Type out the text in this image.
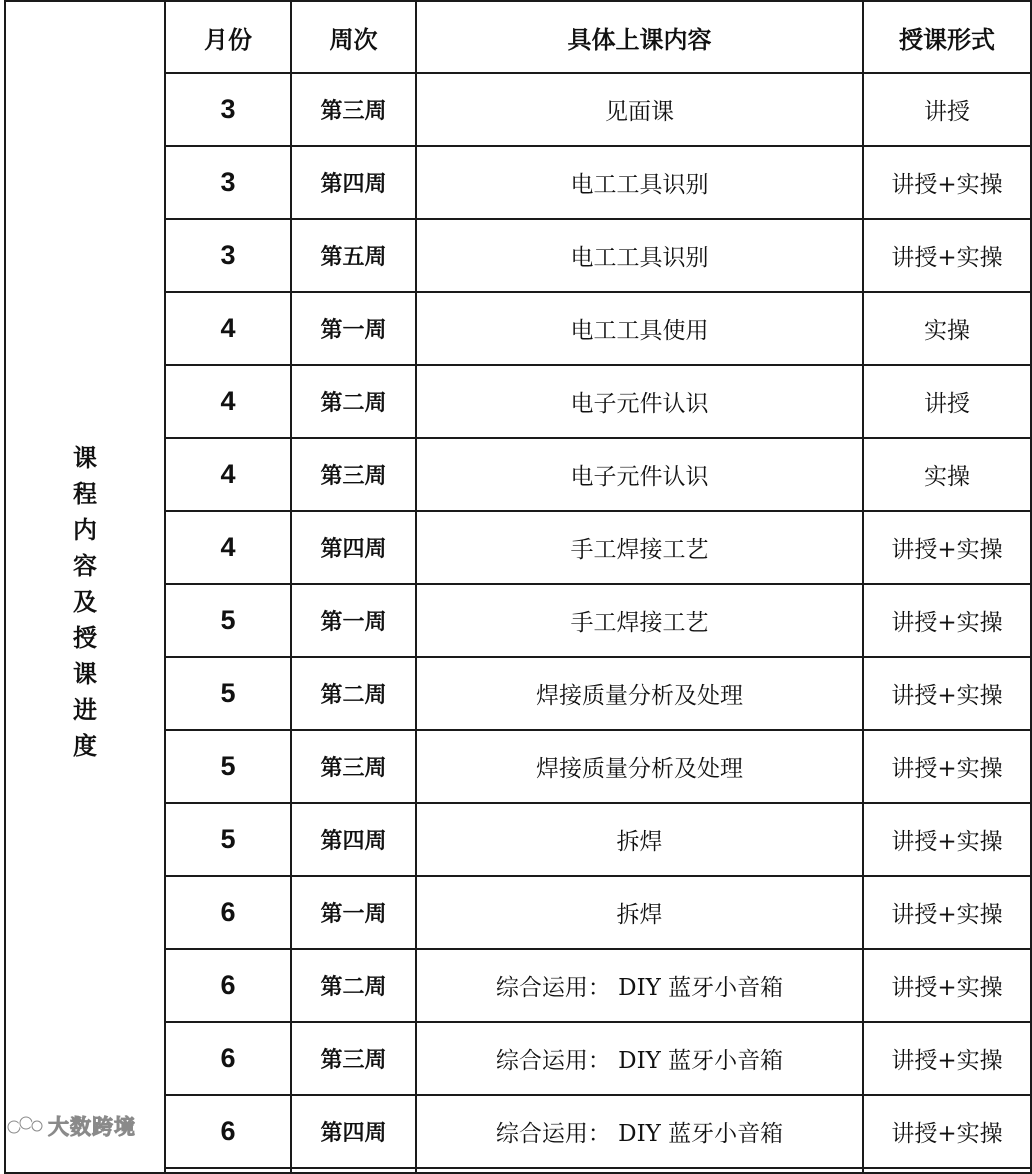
课程内容及授课进度	月份	周次	具体上课内容	授课形式
	3	第三周	见面课	讲授
	3	第四周	电工工具识别	讲授+实操
	3	第五周	电工工具识别	讲授+实操
	4	第一周	电工工具使用	实操
	4	第二周	电子元件认识	讲授
	4	第三周	电子元件认识	实操
	4	第四周	手工焊接工艺	讲授+实操
	5	第一周	手工焊接工艺	讲授+实操
	5	第二周	焊接质量分析及处理	讲授+实操
	5	第三周	焊接质量分析及处理	讲授+实操
	5	第四周	拆焊	讲授+实操
	6	第一周	拆焊	讲授+实操
	6	第二周	综合运用： DIY 蓝牙小音箱	讲授+实操
	6	第三周	综合运用： DIY 蓝牙小音箱	讲授+实操
	6	第四周	综合运用： DIY 蓝牙小音箱	讲授+实操

大数跨境
